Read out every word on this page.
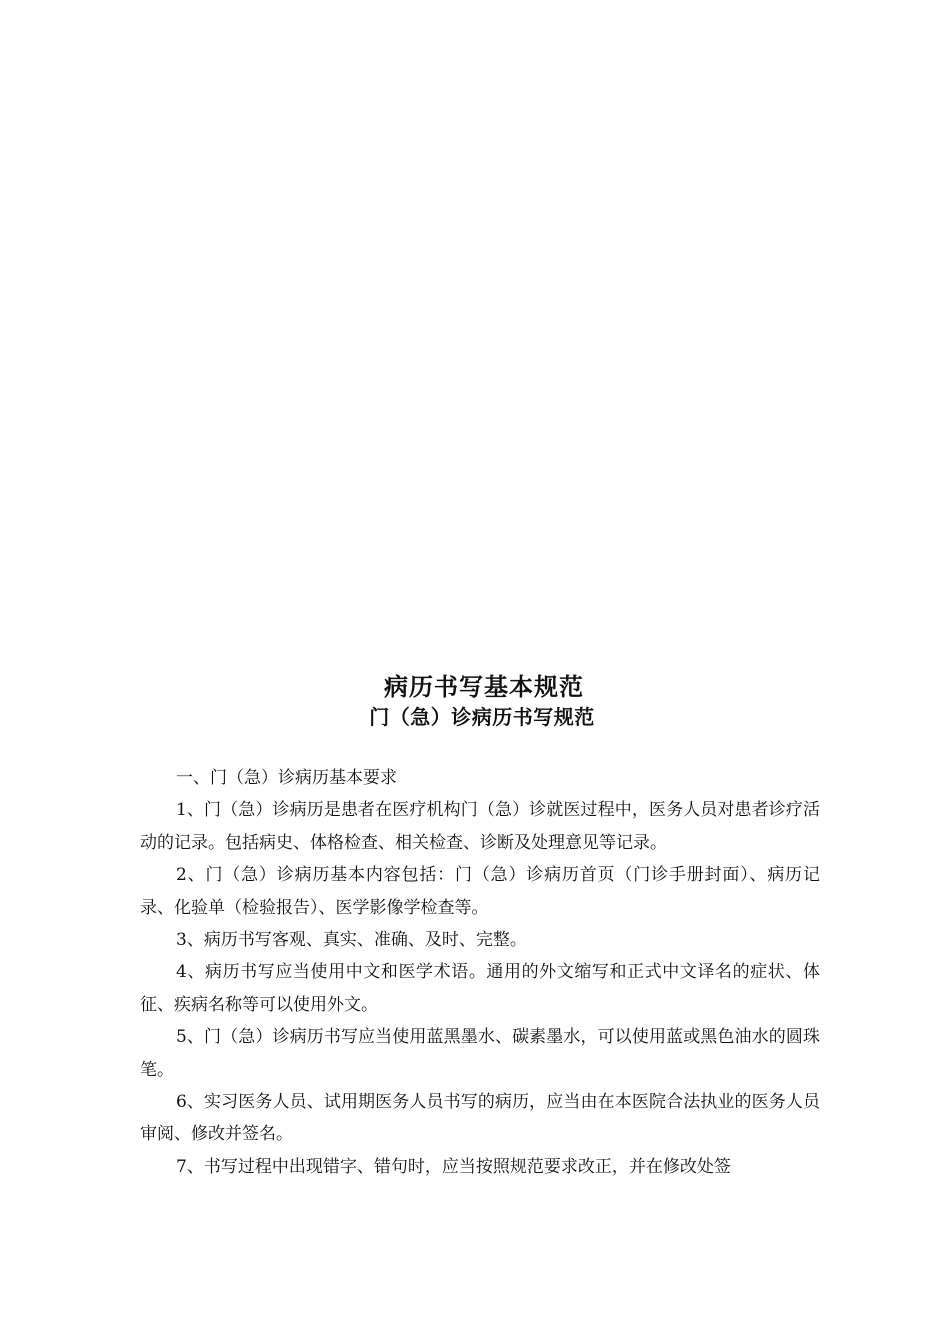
病历书写基本规范
门（急）诊病历书写规范

一、门（急）诊病历基本要求

1、门（急）诊病历是患者在医疗机构门（急）诊就医过程中，医务人员对患者诊疗活动的记录。包括病史、体格检查、相关检查、诊断及处理意见等记录。

2、门（急）诊病历基本内容包括：门（急）诊病历首页（门诊手册封面）、病历记录、化验单（检验报告）、医学影像学检查等。

3、病历书写客观、真实、准确、及时、完整。

4、病历书写应当使用中文和医学术语。通用的外文缩写和正式中文译名的症状、体征、疾病名称等可以使用外文。

5、门（急）诊病历书写应当使用蓝黑墨水、碳素墨水，可以使用蓝或黑色油水的圆珠笔。

6、实习医务人员、试用期医务人员书写的病历，应当由在本医院合法执业的医务人员审阅、修改并签名。

7、书写过程中出现错字、错句时，应当按照规范要求改正，并在修改处签
